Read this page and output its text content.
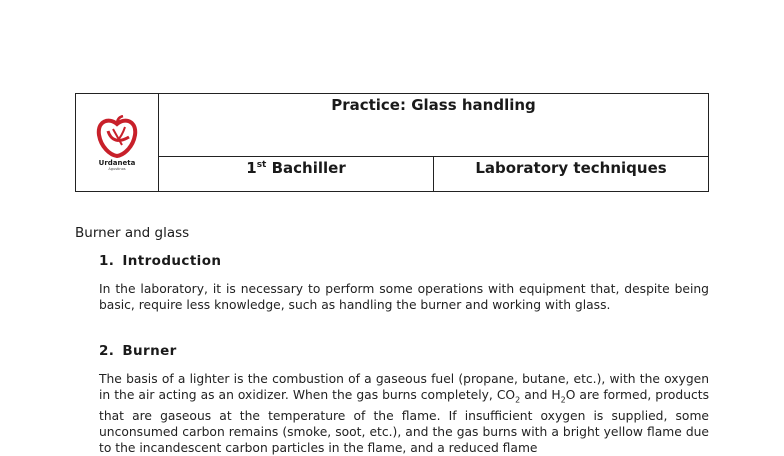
Urdaneta
Agustinos	Practice: Glass handling	
	1st Bachiller	Laboratory techniques
Burner and glass
1. Introduction
In the laboratory, it is necessary to perform some operations with equipment that, despite being basic, require less knowledge, such as handling the burner and working with glass.
2. Burner
The basis of a lighter is the combustion of a gaseous fuel (propane, butane, etc.), with the oxygen in the air acting as an oxidizer. When the gas burns completely, $CO_2$ and $H_2O$ are formed, products that are gaseous at the temperature of the flame. If insufficient oxygen is supplied, some unconsumed carbon remains (smoke, soot, etc.), and the gas burns with a bright yellow flame due to the incandescent carbon particles in the flame, and a reduced flame
